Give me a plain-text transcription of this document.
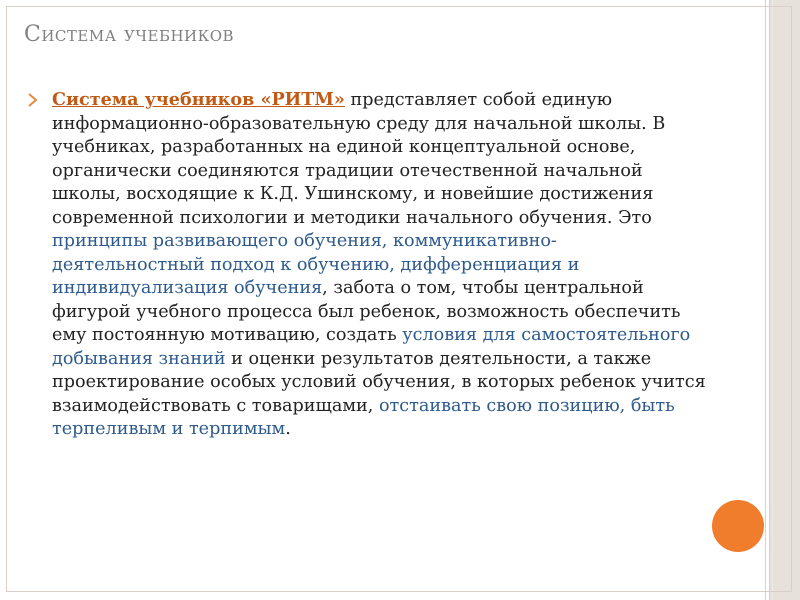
Система учебников

Система учебников «РИТМ» представляет собой единую информационно-образовательную среду для начальной школы. В учебниках, разработанных на единой концептуальной основе, органически соединяются традиции отечественной начальной школы, восходящие к К.Д. Ушинскому, и новейшие достижения современной психологии и методики начального обучения. Это принципы развивающего обучения, коммуникативно-деятельностный подход к обучению, дифференциация и индивидуализация обучения, забота о том, чтобы центральной фигурой учебного процесса был ребенок, возможность обеспечить ему постоянную мотивацию, создать условия для самостоятельного добывания знаний и оценки результатов деятельности, а также проектирование особых условий обучения, в которых ребенок учится взаимодействовать с товарищами, отстаивать свою позицию, быть терпеливым и терпимым.
